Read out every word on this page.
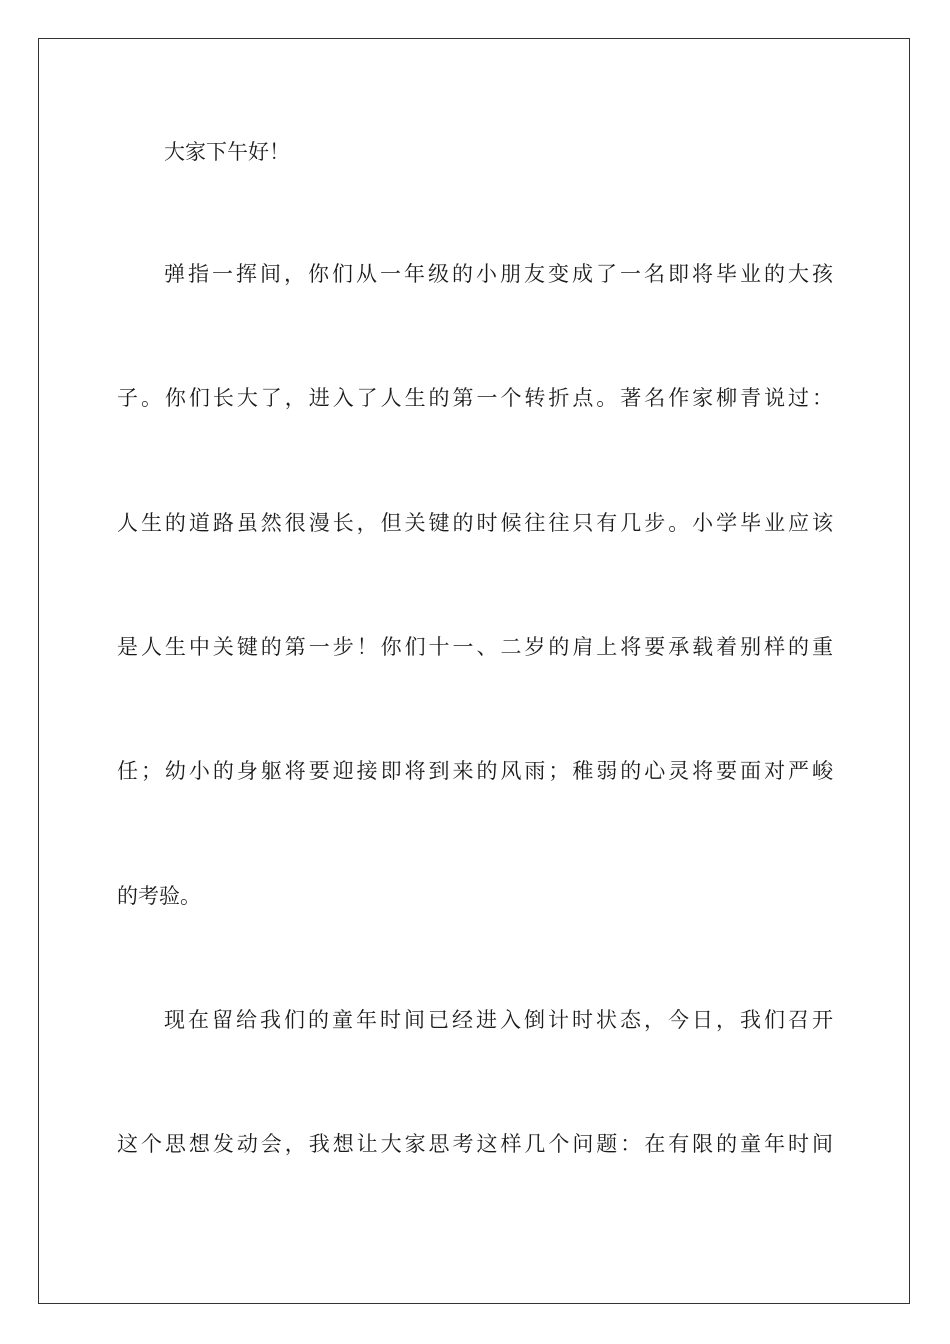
大家下午好！
弹指一挥间，你们从一年级的小朋友变成了一名即将毕业的大孩
子。你们长大了，进入了人生的第一个转折点。著名作家柳青说过：
人生的道路虽然很漫长，但关键的时候往往只有几步。小学毕业应该
是人生中关键的第一步！你们十一、二岁的肩上将要承载着别样的重
任；幼小的身躯将要迎接即将到来的风雨；稚弱的心灵将要面对严峻
的考验。
现在留给我们的童年时间已经进入倒计时状态，今日，我们召开
这个思想发动会，我想让大家思考这样几个问题：在有限的童年时间
